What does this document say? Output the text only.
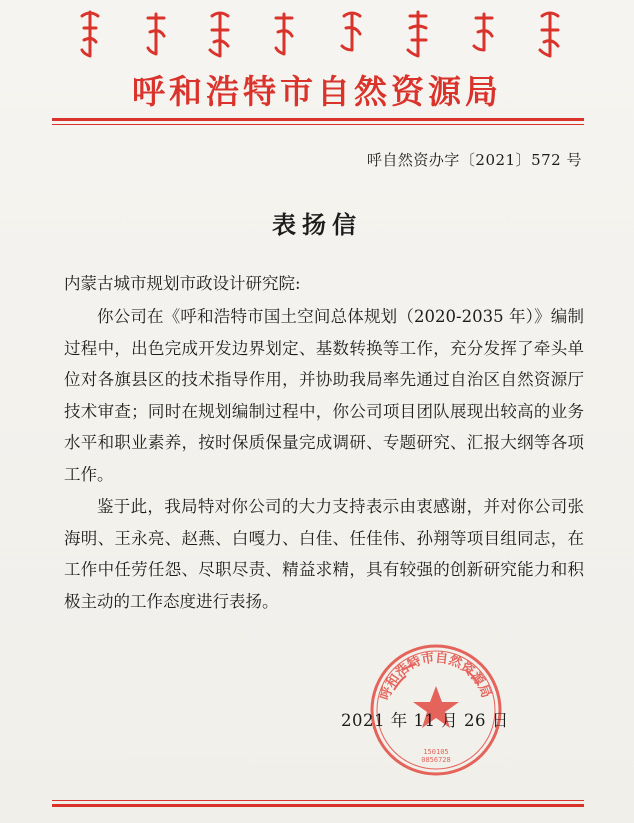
呼和浩特市自然资源局
呼自然资办字〔2021〕572 号
表扬信
内蒙古城市规划市政设计研究院:
你公司在《呼和浩特市国土空间总体规划（2020-2035 年）》编制过程中，出色完成开发边界划定、基数转换等工作，充分发挥了牵头单位对各旗县区的技术指导作用，并协助我局率先通过自治区自然资源厅技术审查；同时在规划编制过程中，你公司项目团队展现出较高的业务水平和职业素养，按时保质保量完成调研、专题研究、汇报大纲等各项工作。
鉴于此，我局特对你公司的大力支持表示由衷感谢，并对你公司张海明、王永亮、赵燕、白嘎力、白佳、任佳伟、孙翔等项目组同志，在工作中任劳任怨、尽职尽责、精益求精，具有较强的创新研究能力和积极主动的工作态度进行表扬。
呼和浩特市自然资源局
150105
0856728
2021 年 11 月 26 日
